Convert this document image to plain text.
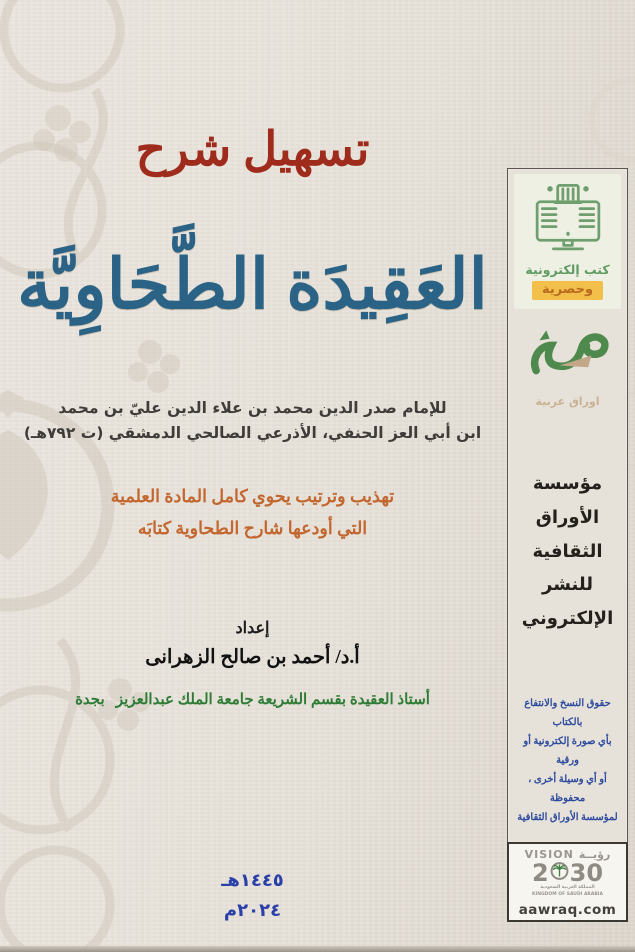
تسهيل شرح
العَقِيدَة الطَّحَاوِيَّة
للإمام صدر الدين محمد بن علاء الدين عليّ بن محمد
ابن أبي العز الحنفي، الأذرعي الصالحي الدمشقي (ت ٧٩٢هـ)
تهذيب وترتيب يحوي كامل المادة العلمية
التي أودعها شارح الطحاوية كتابَه
إعداد
أ.د/ أحمد بن صالح الزهرانى
أستاذ العقيدة بقسم الشريعة جامعة الملك عبدالعزيز   بجدة
١٤٤٥هـ
٢٠٢٤م
كتب إلكترونية
وحصرية
اوراق عربية
مؤسسة
الأوراق
الثقافية
للنشر
الإلكتروني
حقوق النسخ والانتفاع بالكتاب
بأي صورة إلكترونية أو ورقية
أو أي وسيلة أخرى ، محفوظة
لمؤسسة الأوراق الثقافية
VISION رؤيــة
2 30
المملكة العربية السعودية
KINGDOM OF SAUDI ARABIA
aawraq.com
